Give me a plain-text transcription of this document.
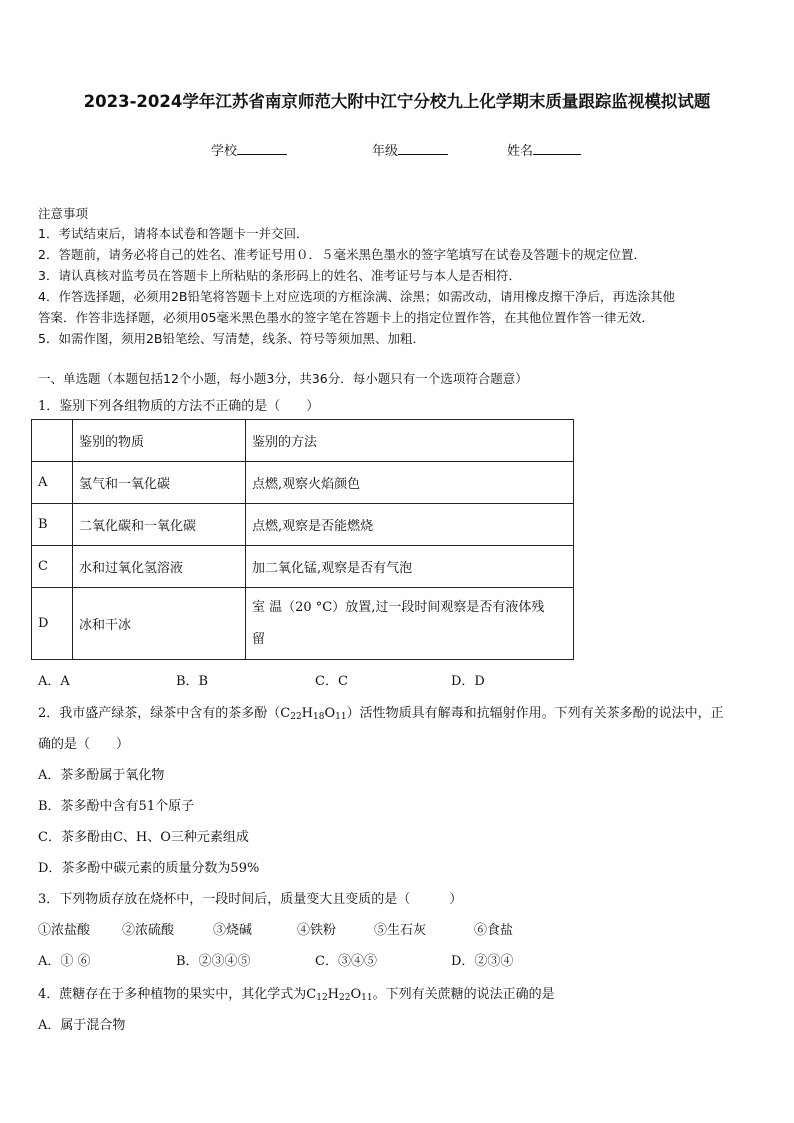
2023-2024学年江苏省南京师范大附中江宁分校九上化学期末质量跟踪监视模拟试题
学校	年级	姓名
注意事项
1．考试结束后，请将本试卷和答题卡一并交回．
2．答题前，请务必将自己的姓名、准考证号用０．５毫米黑色墨水的签字笔填写在试卷及答题卡的规定位置．
3．请认真核对监考员在答题卡上所粘贴的条形码上的姓名、准考证号与本人是否相符．
4．作答选择题，必须用2B铅笔将答题卡上对应选项的方框涂满、涂黑；如需改动，请用橡皮擦干净后，再选涂其他
答案．作答非选择题，必须用05毫米黑色墨水的签字笔在答题卡上的指定位置作答，在其他位置作答一律无效．
5．如需作图，须用2B铅笔绘、写清楚，线条、符号等须加黑、加粗．
一、单选题（本题包括12个小题，每小题3分，共36分．每小题只有一个选项符合题意）
1．鉴别下列各组物质的方法不正确的是（　　）
	鉴别的物质	鉴别的方法
A	氢气和一氧化碳	点燃,观察火焰颜色
B	二氧化碳和一氧化碳	点燃,观察是否能燃烧
C	水和过氧化氢溶液	加二氧化锰,观察是否有气泡
D	冰和干冰	室 温（20 °C）放置,过一段时间观察是否有液体残
留
A．A	B．B	C．C	D．D
2．我市盛产绿茶，绿茶中含有的茶多酚$(C_{22}H_{18}O_{11})$活性物质具有解毒和抗辐射作用。下列有关茶多酚的说法中，正
确的是（　　）
A．茶多酚属于氧化物
B．茶多酚中含有51个原子
C．茶多酚由C、H、O三种元素组成
D．茶多酚中碳元素的质量分数为59%
3．下列物质存放在烧杯中，一段时间后，质量变大且变质的是（　　　）
①浓盐酸 ②浓硫酸	③烧碱	④铁粉	⑤生石灰	⑥食盐
A．① ⑥	B．②③④⑤	C．③④⑤	D．②③④
4．蔗糖存在于多种植物的果实中，其化学式为$C_{12}H_{22}O_{11}$。下列有关蔗糖的说法正确的是
A．属于混合物
